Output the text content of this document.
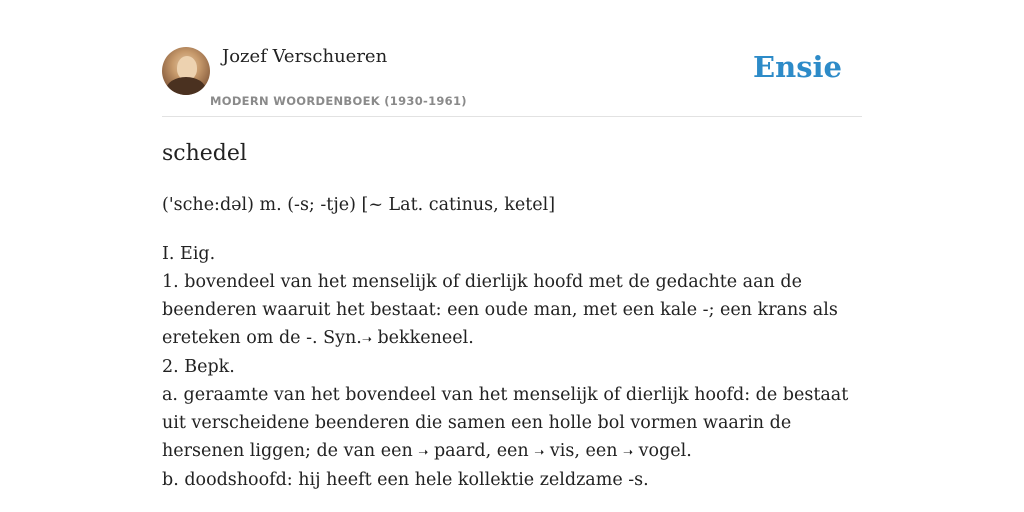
Jozef Verschueren
MODERN WOORDENBOEK (1930-1961)
Ensie
schedel
('sche:dəl) m. (-s; -tje) [~ Lat. catinus, ketel]

I. Eig.

1. bovendeel van het menselijk of dierlijk hoofd met de gedachte aan de beenderen waaruit het bestaat: een oude man, met een kale -; een krans als ereteken om de -. Syn.➝ bekkeneel.

2. Bepk.

a. geraamte van het bovendeel van het menselijk of dierlijk hoofd: de bestaat uit verscheidene beenderen die samen een holle bol vormen waarin de hersenen liggen; de van een ➝ paard, een ➝ vis, een ➝ vogel.

b. doodshoofd: hij heeft een hele kollektie zeldzame -s.
